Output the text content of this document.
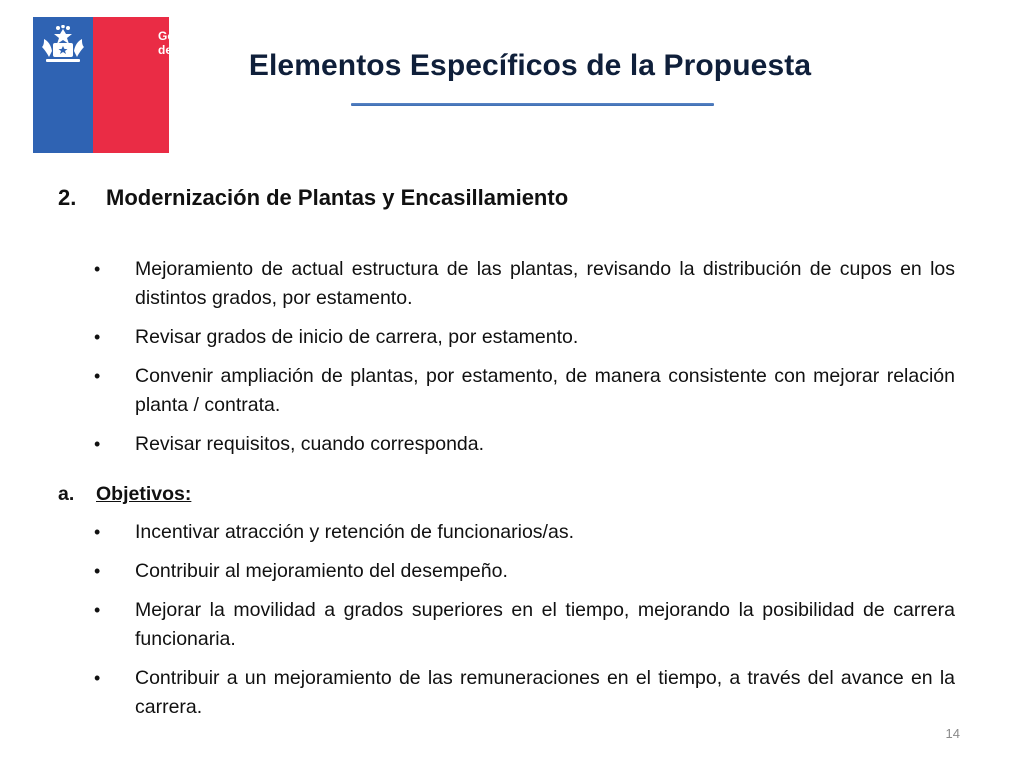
Gobierno
de Chile	Elementos Específicos de la Propuesta
2.	Modernización de Plantas y Encasillamiento
•	Mejoramiento de actual estructura de las plantas, revisando la distribución de cupos en los distintos grados, por estamento.
•	Revisar grados de inicio de carrera, por estamento.
•	Convenir ampliación de plantas, por estamento, de manera consistente con mejorar relación planta / contrata.
•	Revisar requisitos, cuando corresponda.
a.	Objetivos:
•	Incentivar atracción y retención de funcionarios/as.
•	Contribuir al mejoramiento del desempeño.
•	Mejorar la movilidad a grados superiores en el tiempo, mejorando la posibilidad de carrera funcionaria.
•	Contribuir a un mejoramiento de las remuneraciones en el tiempo, a través del avance en la carrera.
14
